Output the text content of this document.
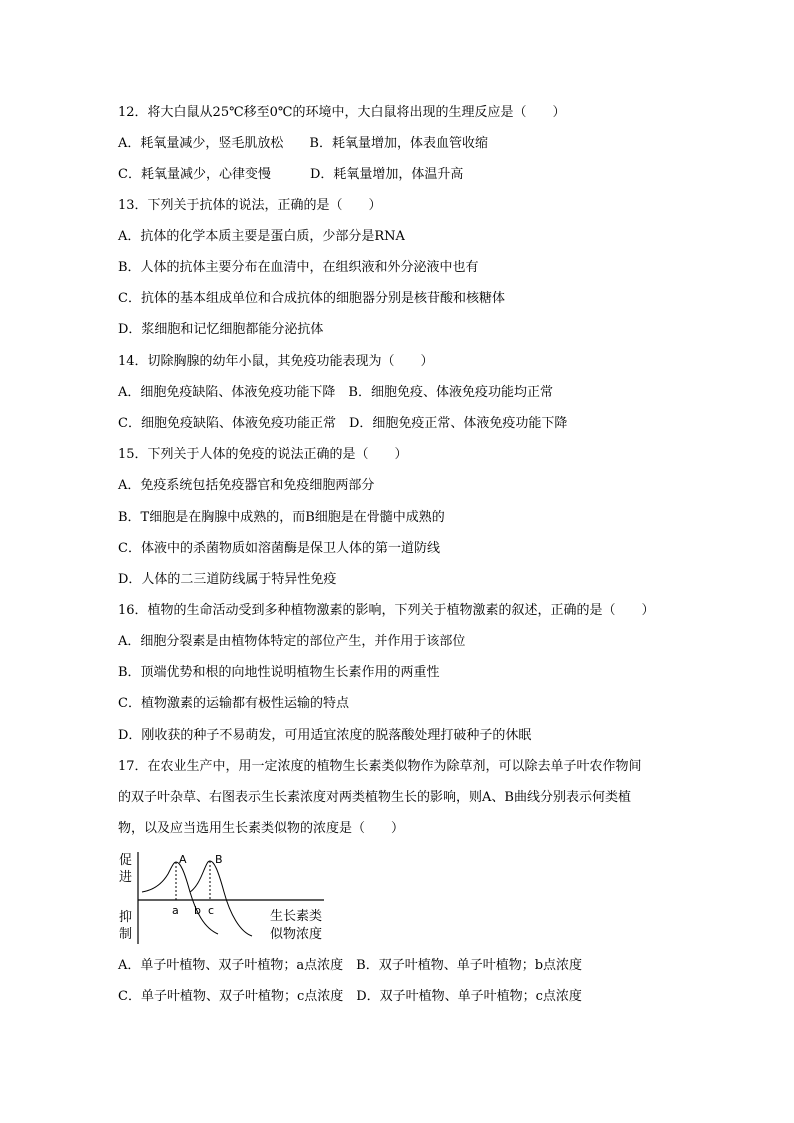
12．将大白鼠从25℃移至0℃的环境中，大白鼠将出现的生理反应是（　　）
A．耗氧量减少，竖毛肌放松　　B．耗氧量增加，体表血管收缩
C．耗氧量减少，心律变慢　　　D．耗氧量增加，体温升高
13．下列关于抗体的说法，正确的是（　　）
A．抗体的化学本质主要是蛋白质，少部分是RNA
B．人体的抗体主要分布在血清中，在组织液和外分泌液中也有
C．抗体的基本组成单位和合成抗体的细胞器分别是核苷酸和核糖体
D．浆细胞和记忆细胞都能分泌抗体
14．切除胸腺的幼年小鼠，其免疫功能表现为（　　）
A．细胞免疫缺陷、体液免疫功能下降　B．细胞免疫、体液免疫功能均正常
C．细胞免疫缺陷、体液免疫功能正常　D．细胞免疫正常、体液免疫功能下降
15．下列关于人体的免疫的说法正确的是（　　）
A．免疫系统包括免疫器官和免疫细胞两部分
B．T细胞是在胸腺中成熟的，而B细胞是在骨髓中成熟的
C．体液中的杀菌物质如溶菌酶是保卫人体的第一道防线
D．人体的二三道防线属于特异性免疫
16．植物的生命活动受到多种植物激素的影响，下列关于植物激素的叙述，正确的是（　　）
A．细胞分裂素是由植物体特定的部位产生，并作用于该部位
B．顶端优势和根的向地性说明植物生长素作用的两重性
C．植物激素的运输都有极性运输的特点
D．刚收获的种子不易萌发，可用适宜浓度的脱落酸处理打破种子的休眠
17．在农业生产中，用一定浓度的植物生长素类似物作为除草剂，可以除去单子叶农作物间
的双子叶杂草、右图表示生长素浓度对两类植物生长的影响，则A、B曲线分别表示何类植
物，以及应当选用生长素类似物的浓度是（　　）
促
进
抑
制
A	B
a b c	生长素类
似物浓度
A．单子叶植物、双子叶植物；a点浓度　B．双子叶植物、单子叶植物；b点浓度
C．单子叶植物、双子叶植物；c点浓度　D．双子叶植物、单子叶植物；c点浓度
